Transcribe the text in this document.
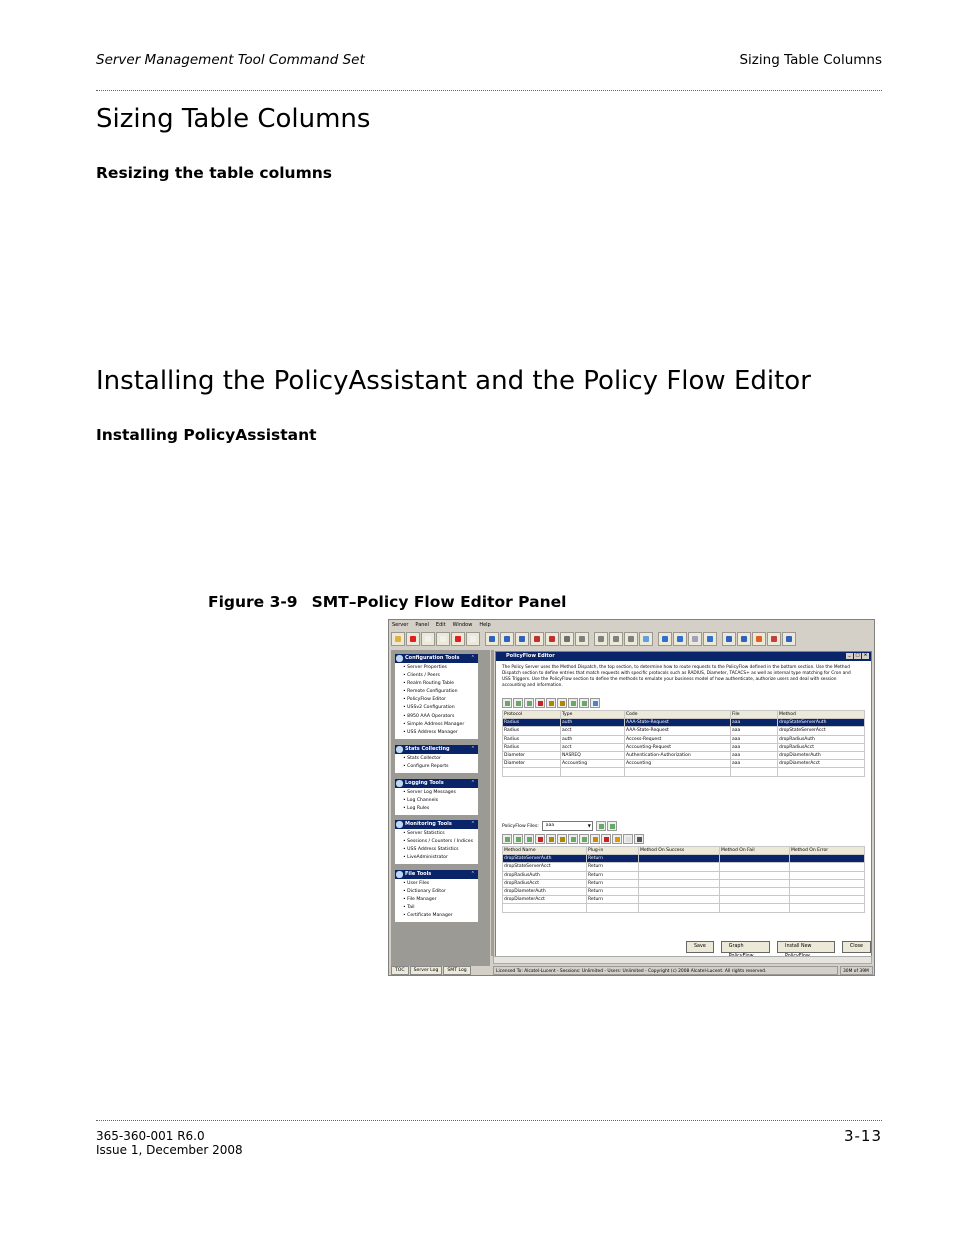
Server Management Tool Command Set	Sizing Table Columns
Sizing Table Columns
Resizing the table columns
Installing the PolicyAssistant and the Policy Flow Editor
Installing PolicyAssistant
Figure 3-9 SMT–Policy Flow Editor Panel
Server Panel Edit Window Help
Configuration Tools ⌃
• Server Properties
• Clients / Peers
• Realm Routing Table
• Remote Configuration
• PolicyFlow Editor
• USSv2 Configuration
• 8950 AAA Operators
• Simple Address Manager
• USS Address Manager
Stats Collecting	⌃
• Stats Collector
• Configure Reports
Logging Tools	⌃
• Server Log Messages
• Log Channels
• Log Rules
Monitoring Tools	⌃
• Server Statistics
• Sessions / Counters / Indices
• USS Address Statistics
• LiveAdministrator
File Tools	⌃
• User Files
• Dictionary Editor
• File Manager
• Tail
• Certificate Manager
PolicyFlow Editor	_	□ ×
The Policy Server uses the Method Dispatch, the top section, to determine how to route requests to the PolicyFlow defined in the bottom section. Use the Method Dispatch section to define entries that match requests with specific protocols such as RADIUS, Diameter, TACACS+ as well as internal type matching for Cron and USS Triggers. Use the PolicyFlow section to define the methods to emulate your business model of how authenticate, authorize users and deal with session accounting and information.
Protocol	Type	Code	File	Method
Radius	auth	AAA-State-Request	aaa	dropStateServerAuth
Radius	acct	AAA-State-Request	aaa	dropStateServerAcct
Radius	auth	Access-Request	aaa	dropRadiusAuth
Radius	acct	Accounting-Request	aaa	dropRadiusAcct
Diameter	NASREQ	Authentication-Authorization	aaa	dropDiameterAuth
Diameter	Accounting	Accounting	aaa	dropDiameterAcct

PolicyFlow Files:	aaa ▼
Method Name	Plug-in	Method On Success	Method On Fail	Method On Error
dropStateServerAuth	Return			
dropStateServerAcct	Return			
dropRadiusAuth	Return			
dropRadiusAcct	Return			
dropDiameterAuth	Return			
dropDiameterAcct	Return			

Save	Graph	Install New	Close
TOC	Server Log	SMT Log	Licensed To: Alcatel-Lucent - Sessions: Unlimited - Users: Unlimited - Copyright (c) 2008 Alcatel-Lucent. All rights reserved.	30M of 39M
365-360-001 R6.0
Issue 1, December 2008
3-13
